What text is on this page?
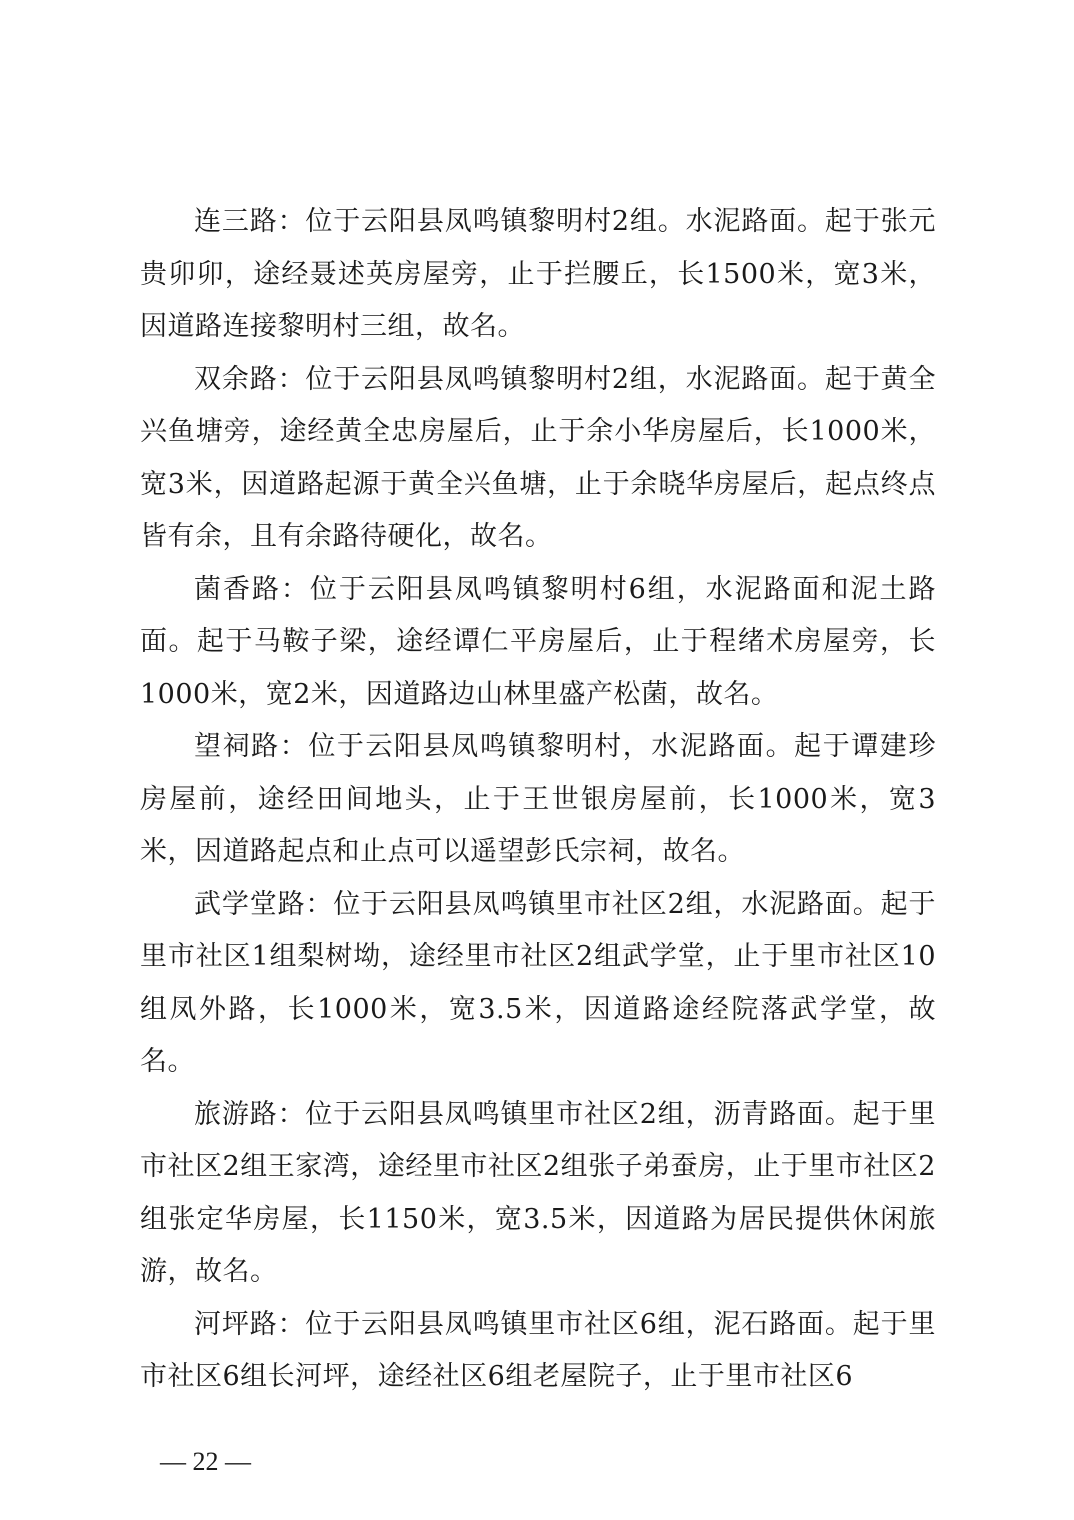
连三路：位于云阳县凤鸣镇黎明村2组。水泥路面。起于张元贵卯卯，途经聂述英房屋旁，止于拦腰丘，长1500米，宽3米，因道路连接黎明村三组，故名。

双余路：位于云阳县凤鸣镇黎明村2组，水泥路面。起于黄全兴鱼塘旁，途经黄全忠房屋后，止于余小华房屋后，长1000米，宽3米，因道路起源于黄全兴鱼塘，止于余晓华房屋后，起点终点皆有余，且有余路待硬化，故名。

菌香路：位于云阳县凤鸣镇黎明村6组，水泥路面和泥土路面。起于马鞍子梁，途经谭仁平房屋后，止于程绪术房屋旁，长1000米，宽2米，因道路边山林里盛产松菌，故名。

望祠路：位于云阳县凤鸣镇黎明村，水泥路面。起于谭建珍房屋前，途经田间地头，止于王世银房屋前，长1000米，宽3米，因道路起点和止点可以遥望彭氏宗祠，故名。

武学堂路：位于云阳县凤鸣镇里市社区2组，水泥路面。起于里市社区1组梨树坳，途经里市社区2组武学堂，止于里市社区10组凤外路，长1000米，宽3.5米，因道路途经院落武学堂，故名。

旅游路：位于云阳县凤鸣镇里市社区2组，沥青路面。起于里市社区2组王家湾，途经里市社区2组张子弟蚕房，止于里市社区2组张定华房屋，长1150米，宽3.5米，因道路为居民提供休闲旅游，故名。

河坪路：位于云阳县凤鸣镇里市社区6组，泥石路面。起于里市社区6组长河坪，途经社区6组老屋院子，止于里市社区6

— 22 —
